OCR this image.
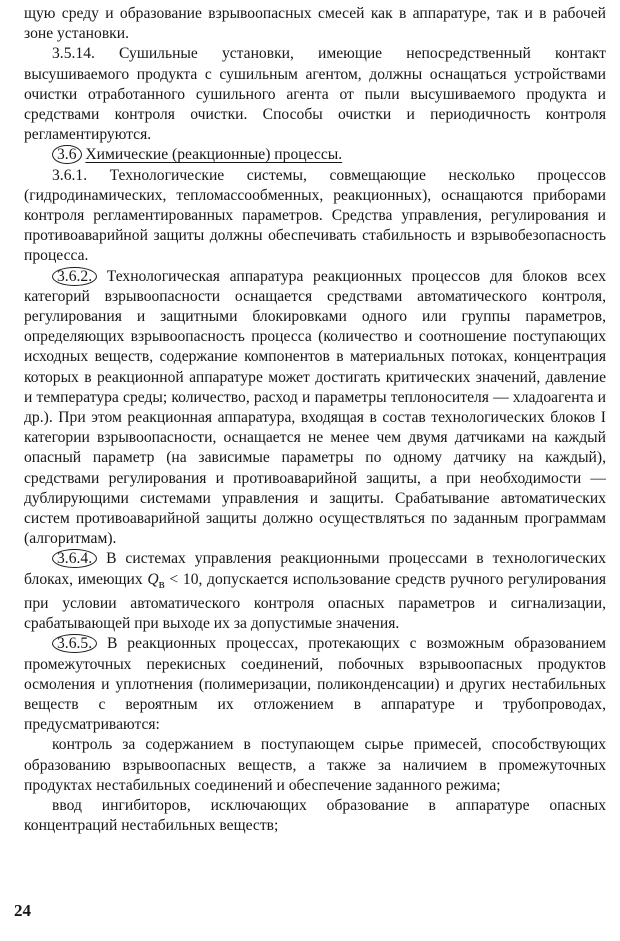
щую среду и образование взрывоопасных смесей как в аппаратуре, так и в рабочей зоне установки.

3.5.14. Сушильные установки, имеющие непосредственный контакт высушиваемого продукта с сушильным агентом, должны оснащаться устройствами очистки отработанного сушильного агента от пыли высушиваемого продукта и средствами контроля очистки. Способы очистки и периодичность контроля регламентируются.

3.6 Химические (реакционные) процессы.

3.6.1. Технологические системы, совмещающие несколько процессов (гидродинамических, тепломассообменных, реакционных), оснащаются приборами контроля регламентированных параметров. Средства управления, регулирования и противоаварийной защиты должны обеспечивать стабильность и взрывобезопасность процесса.

3.6.2. Технологическая аппаратура реакционных процессов для блоков всех категорий взрывоопасности оснащается средствами автоматического контроля, регулирования и защитными блокировками одного или группы параметров, определяющих взрывоопасность процесса (количество и соотношение поступающих исходных веществ, содержание компонентов в материальных потоках, концентрация которых в реакционной аппаратуре может достигать критических значений, давление и температура среды; количество, расход и параметры теплоносителя — хладоагента и др.). При этом реакционная аппаратура, входящая в состав технологических блоков I категории взрывоопасности, оснащается не менее чем двумя датчиками на каждый опасный параметр (на зависимые параметры по одному датчику на каждый), средствами регулирования и противоаварийной защиты, а при необходимости — дублирующими системами управления и защиты. Срабатывание автоматических систем противоаварийной защиты должно осуществляться по заданным программам (алгоритмам).

3.6.4. В системах управления реакционными процессами в технологических блоках, имеющих $Q_в < 10$, допускается использование средств ручного регулирования при условии автоматического контроля опасных параметров и сигнализации, срабатывающей при выходе их за допустимые значения.

3.6.5. В реакционных процессах, протекающих с возможным образованием промежуточных перекисных соединений, побочных взрывоопасных продуктов осмоления и уплотнения (полимеризации, поликонденсации) и других нестабильных веществ с вероятным их отложением в аппаратуре и трубопроводах, предусматриваются:

контроль за содержанием в поступающем сырье примесей, способствующих образованию взрывоопасных веществ, а также за наличием в промежуточных продуктах нестабильных соединений и обеспечение заданного режима;

ввод ингибиторов, исключающих образование в аппаратуре опасных концентраций нестабильных веществ;

24
